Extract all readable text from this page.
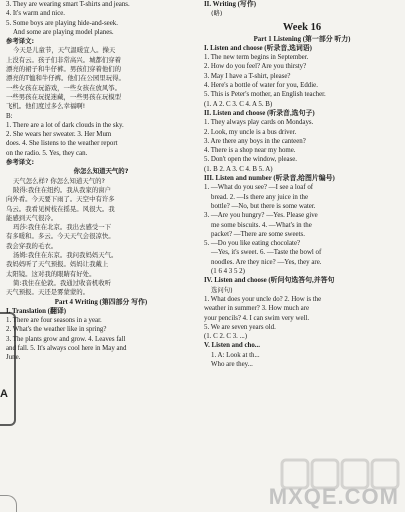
3. They are wearing smart T-shirts and jeans.
4. It's warm and nice.
5. Some boys are playing hide-and-seek.
And some are playing model planes.
参考译文:
今天是儿童节，天气温暖宜人。操天
上没有云。孩子们非常高兴。城都们穿着
漂亮的裙子和牛仔裤。男孩们穿着他们的
漂亮的T恤和牛仔裤。他们在公园里玩得。
一些女孩在玩游戏，一些女孩在放风筝。
一些男孩在玩捉迷藏，一些男孩在玩模型
飞机。他们度过多么幸福啊!
B:
1. There are a lot of dark clouds in the sky.
2. She wears her sweater. 3. Her Mum
does. 4. She listens to the weather report
on the radio. 5. Yes, they can.
参考译文:
你怎么知道天气的?
天气怎么样? 你怎么知道天气的?
陂得:我住在纽约。我从我家的窗户
向外看。今天要下雨了。天空中有许多
乌云。我看见树枝在摇晃。风很大。我
能感到天气很冷。
玛莎:我住在北京。我出去感受一下
有多暖和。多云。今天天气会很凉快。
我会穿我的毛衣。
汤姆:我住在东京。我问我妈妈天气。
我妈妈听了天气预报。妈妈让我戴上
太阳镜。这对我的眼睛有好处。
简:我住在伦敦。我通过收音机收听
天气预报。天还是雾蒙蒙的。
Part 4 Writing (第四部分 写作)
I. Translation (翻译)
1. There are four seasons in a year.
2. What's the weather like in spring?
3. The plants grow and grow. 4. Leaves fall
and fall. 5. It's always cool here in May and
June.
II. Writing (写作)
(略)
Week 16
Part 1 Listening (第一部分 听力)
I. Listen and choose (听录音,选词语)
1. The new term begins in September.
2. How do you feel? Are you thirsty?
3. May I have a T-shirt, please?
4. Here's a bottle of water for you, Eddie.
5. This is Peter's mother, an English teacher.
(1. A 2. C 3. C 4. A 5. B)
II. Listen and choose (听录音,选句子)
1. They always play cards on Mondays.
2. Look, my uncle is a bus driver.
3. Are there any boys in the canteen?
4. There is a shop near my home.
5. Don't open the window, please.
(1. B 2. A 3. C 4. B 5. A)
III. Listen and number (听录音,给图片编号)
1. —What do you see? —I see a loaf of
bread. 2. —Is there any juice in the
bottle? —No, but there is some water.
3. —Are you hungry? —Yes. Please give
me some biscuits. 4. —What's in the
packet? —There are some sweets.
5. —Do you like eating chocolate?
—Yes, it's sweet. 6. —Taste the bowl of
noodles. Are they nice? —Yes, they are.
(1 6 4 3 5 2)
IV. Listen and choose (听问句选答句,并答句
选问句)
1. What does your uncle do? 2. How is the
weather in summer? 3. How much are
your pencils? 4. I can swim very well.
5. We are seven years old.
(1. C 2. C 3. ...)
V. Listen and cho...
1. A: Look at th...
Who are they...
A
MXQE.COM
